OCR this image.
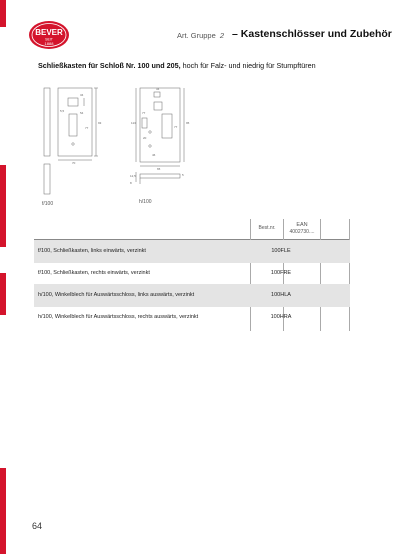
BEVER
SEIT
1888
Art. Gruppe 2 – Kastenschlösser und Zubehör
Schließkasten für Schloß Nr. 100 und 205, hoch für Falz- und niedrig für Stumpftüren
93
34
77
5,5	54
70
f/100
113	95
34
77
77
46
20
12,5
65
5
8
h/100
Best.nr.	EAN
4002730....
f/100, Schließkasten, links einwärts, verzinkt	100FLE
f/100, Schließkasten, rechts einwärts, verzinkt	100FRE
h/100, Winkelblech für Auswärtsschloss, links auswärts, verzinkt	100HLA
h/100, Winkelblech für Auswärtsschloss, rechts auswärts, verzinkt	100HRA
64
